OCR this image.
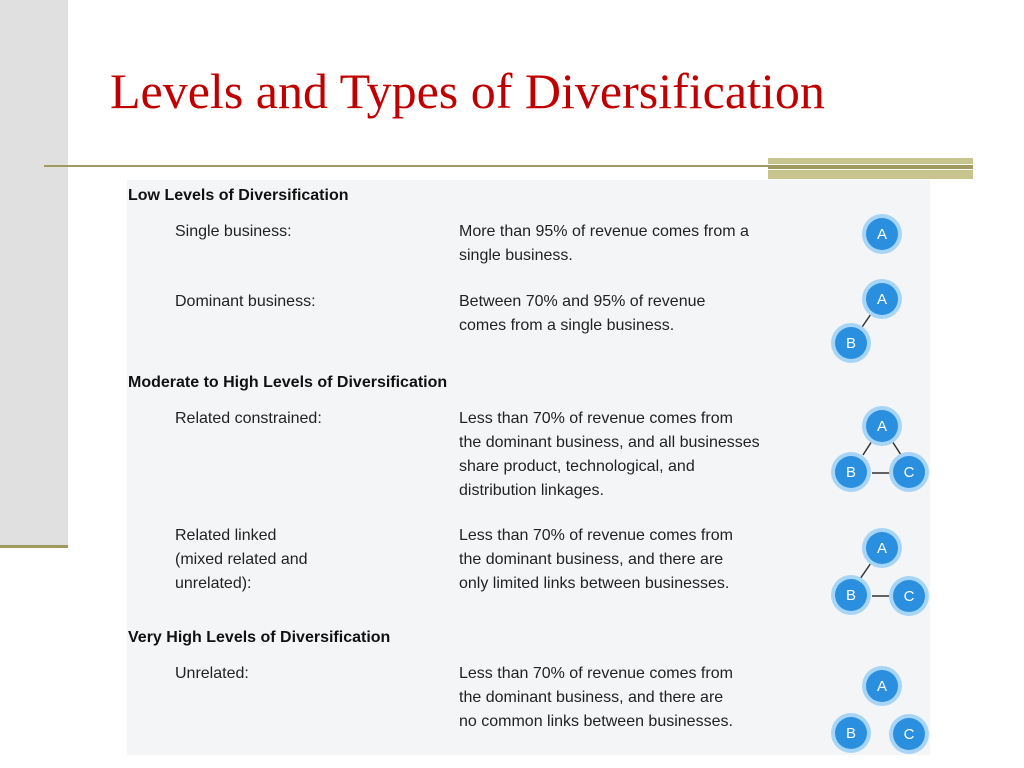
Levels and Types of Diversification
Low Levels of Diversification
Moderate to High Levels of Diversification
Very High Levels of Diversification
Single business:	More than 95% of revenue comes from a
single business.
A
Dominant business:	Between 70% and 95% of revenue
comes from a single business.
A
B
Related constrained:	Less than 70% of revenue comes from
the dominant business, and all businesses
share product, technological, and
distribution linkages.
A
B	C
Related linked
(mixed related and
unrelated):
Less than 70% of revenue comes from
the dominant business, and there are
only limited links between businesses.
A
B	C
Unrelated:	Less than 70% of revenue comes from
the dominant business, and there are
no common links between businesses.
A
B	C
